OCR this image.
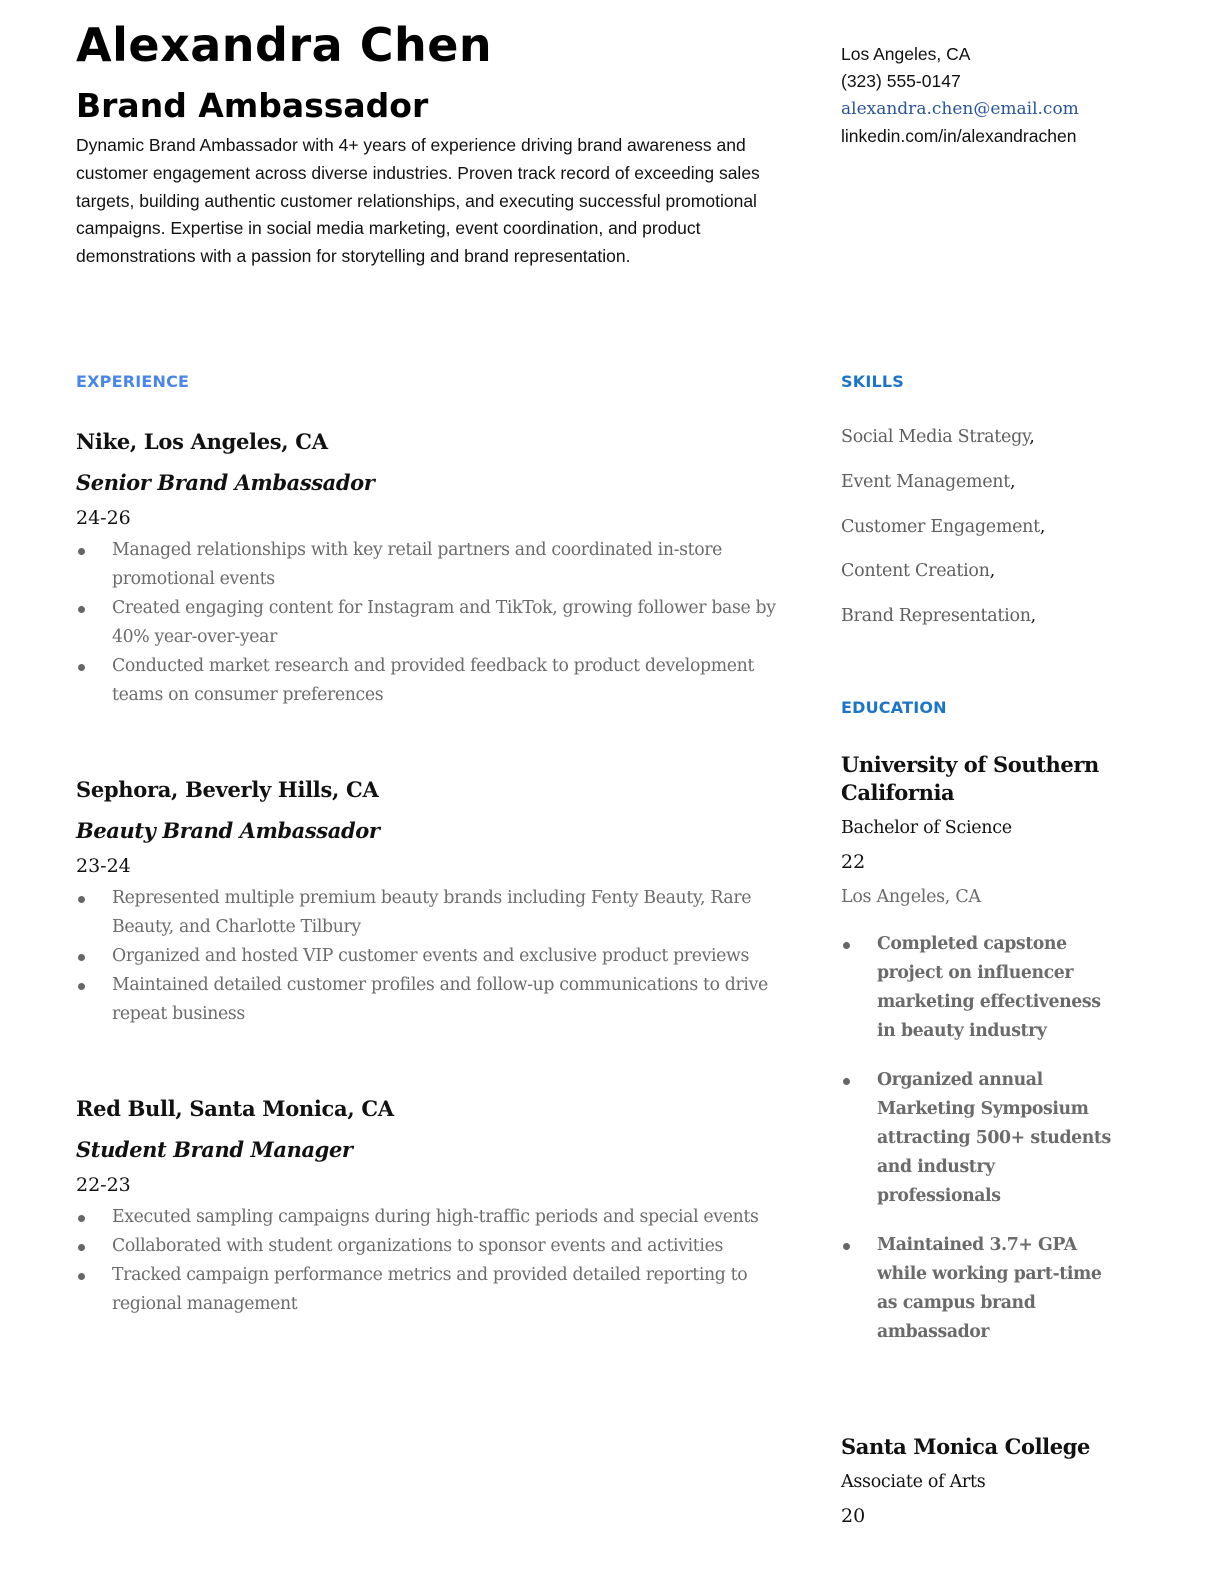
Alexandra Chen
Brand Ambassador

Dynamic Brand Ambassador with 4+ years of experience driving brand awareness and customer engagement across diverse industries. Proven track record of exceeding sales targets, building authentic customer relationships, and executing successful promotional campaigns. Expertise in social media marketing, event coordination, and product demonstrations with a passion for storytelling and brand representation.

Los Angeles, CA
(323) 555-0147
alexandra.chen@email.com
linkedin.com/in/alexandrachen
EXPERIENCE	SKILLS
EDUCATION
Nike, Los Angeles, CA
Senior Brand Ambassador
24-26
Managed relationships with key retail partners and coordinated in-store promotional events
Created engaging content for Instagram and TikTok, growing follower base by 40% year-over-year
Conducted market research and provided feedback to product development teams on consumer preferences
Sephora, Beverly Hills, CA
Beauty Brand Ambassador
23-24
Represented multiple premium beauty brands including Fenty Beauty, Rare Beauty, and Charlotte Tilbury
Organized and hosted VIP customer events and exclusive product previews
Maintained detailed customer profiles and follow-up communications to drive repeat business
Red Bull, Santa Monica, CA
Student Brand Manager
22-23
Executed sampling campaigns during high-traffic periods and special events
Collaborated with student organizations to sponsor events and activities
Tracked campaign performance metrics and provided detailed reporting to regional management
Social Media Strategy,
Event Management,
Customer Engagement,
Content Creation,
Brand Representation,
University of Southern California
Bachelor of Science
22
Los Angeles, CA
Completed capstone project on influencer marketing effectiveness in beauty industry
Organized annual Marketing Symposium attracting 500+ students and industry professionals
Maintained 3.7+ GPA while working part-time as campus brand ambassador
Santa Monica College
Associate of Arts
20
